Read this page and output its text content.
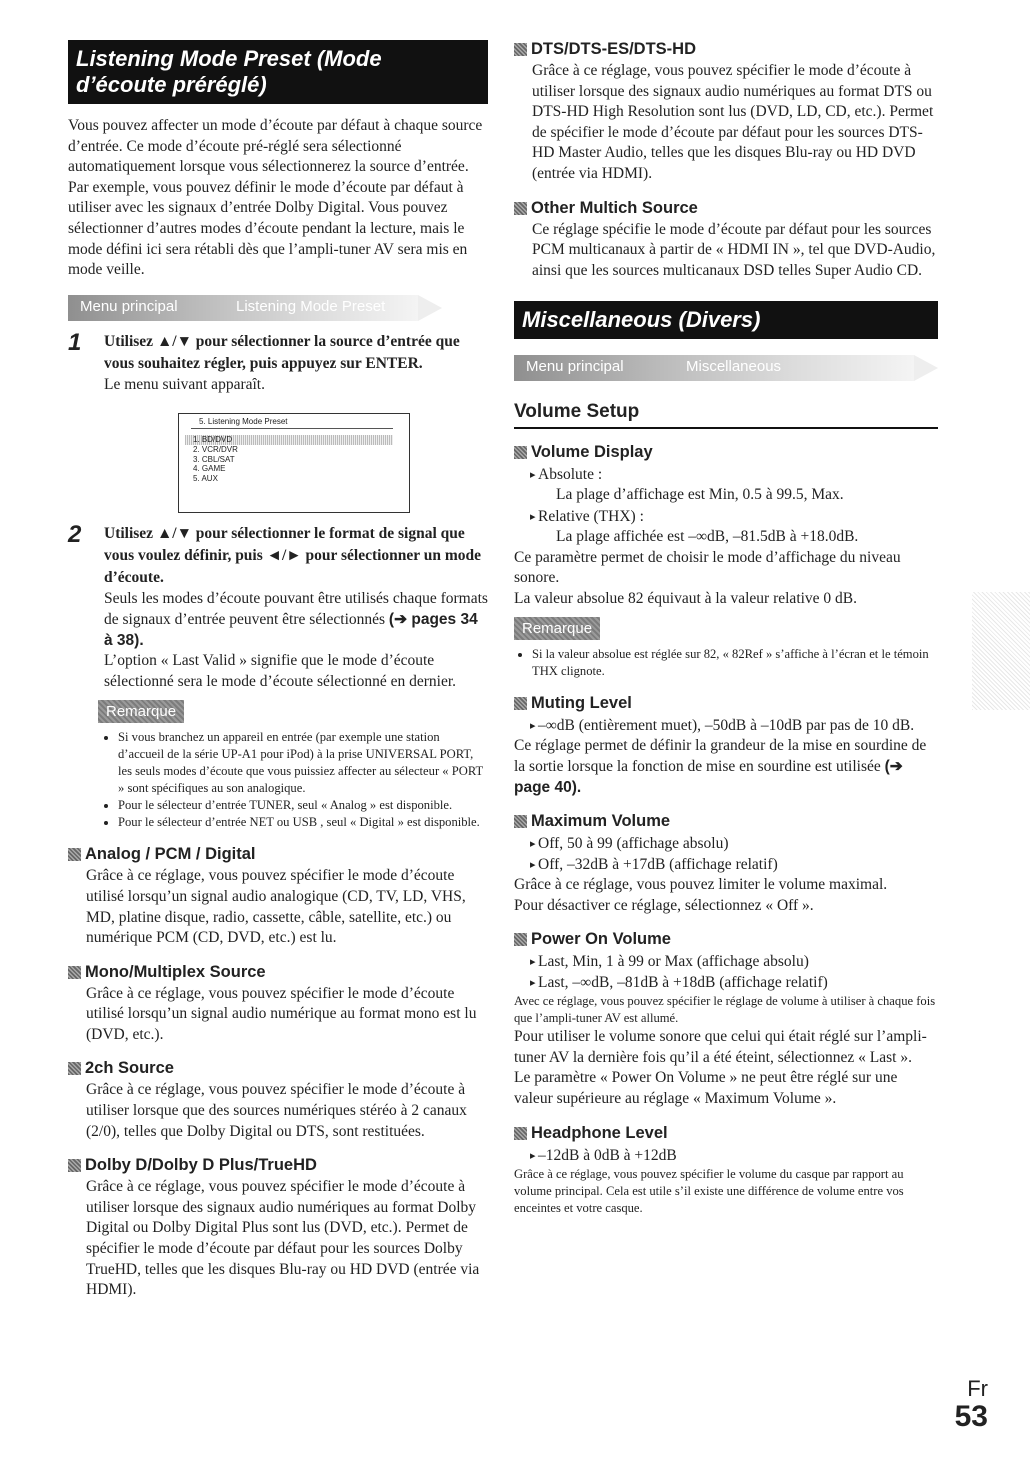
Listening Mode Preset (Mode d’écoute préréglé)

Vous pouvez affecter un mode d’écoute par défaut à chaque source d’entrée. Ce mode d’écoute pré-réglé sera sélectionné automatiquement lorsque vous sélectionnerez la source d’entrée. Par exemple, vous pouvez définir le mode d’écoute par défaut à utiliser avec les signaux d’entrée Dolby Digital. Vous pouvez sélectionner d’autres modes d’écoute pendant la lecture, mais le mode défini ici sera rétabli dès que l’ampli-tuner AV sera mis en mode veille.

Menu principal	Listening Mode Preset
1 Utilisez ▲/▼ pour sélectionner la source d’entrée que vous souhaitez régler, puis appuyez sur ENTER.

Le menu suivant apparaît.

5. Listening Mode Preset
1. BD/DVD
2. VCR/DVR
3. CBL/SAT
4. GAME
5. AUX
2 Utilisez ▲/▼ pour sélectionner le format de signal que vous voulez définir, puis ◄/► pour sélectionner un mode d’écoute.

Seuls les modes d’écoute pouvant être utilisés chaque formats de signaux d’entrée peuvent être sélectionnés (➔ pages 34 à 38).

L’option « Last Valid » signifie que le mode d’écoute sélectionné sera le mode d’écoute sélectionné en dernier.

Remarque
• Si vous branchez un appareil en entrée (par exemple une station d’accueil de la série UP-A1 pour iPod) à la prise UNIVERSAL PORT, les seuls modes d’écoute que vous puissiez affecter au sélecteur « PORT » sont spécifiques au son analogique.
• Pour le sélecteur d’entrée TUNER, seul « Analog » est disponible.
• Pour le sélecteur d’entrée NET ou USB , seul « Digital » est disponible.
Analog / PCM / Digital

Grâce à ce réglage, vous pouvez spécifier le mode d’écoute utilisé lorsqu’un signal audio analogique (CD, TV, LD, VHS, MD, platine disque, radio, cassette, câble, satellite, etc.) ou numérique PCM (CD, DVD, etc.) est lu.

Mono/Multiplex Source

Grâce à ce réglage, vous pouvez spécifier le mode d’écoute utilisé lorsqu’un signal audio numérique au format mono est lu (DVD, etc.).

2ch Source

Grâce à ce réglage, vous pouvez spécifier le mode d’écoute à utiliser lorsque que des sources numériques stéréo à 2 canaux (2/0), telles que Dolby Digital ou DTS, sont restituées.

Dolby D/Dolby D Plus/TrueHD

Grâce à ce réglage, vous pouvez spécifier le mode d’écoute à utiliser lorsque des signaux audio numériques au format Dolby Digital ou Dolby Digital Plus sont lus (DVD, etc.). Permet de spécifier le mode d’écoute par défaut pour les sources Dolby TrueHD, telles que les disques Blu-ray ou HD DVD (entrée via HDMI).

DTS/DTS-ES/DTS-HD

Grâce à ce réglage, vous pouvez spécifier le mode d’écoute à utiliser lorsque des signaux audio numériques au format DTS ou DTS-HD High Resolution sont lus (DVD, LD, CD, etc.). Permet de spécifier le mode d’écoute par défaut pour les sources DTS-HD Master Audio, telles que les disques Blu-ray ou HD DVD (entrée via HDMI).

Other Multich Source

Ce réglage spécifie le mode d’écoute par défaut pour les sources PCM multicanaux à partir de « HDMI IN », tel que DVD-Audio, ainsi que les sources multicanaux DSD telles Super Audio CD.

Miscellaneous (Divers)
Menu principal	Miscellaneous
Volume Setup
Volume Display
▸ Absolute :

La plage d’affichage est Min, 0.5 à 99.5, Max.

▸ Relative (THX) :

La plage affichée est –∞dB, –81.5dB à +18.0dB.

Ce paramètre permet de choisir le mode d’affichage du niveau sonore.

La valeur absolue 82 équivaut à la valeur relative 0 dB.

Remarque
• Si la valeur absolue est réglée sur 82, « 82Ref » s’affiche à l’écran et le témoin THX clignote.
Muting Level
▸ –∞dB (entièrement muet), –50dB à –10dB par pas de 10 dB.

Ce réglage permet de définir la grandeur de la mise en sourdine de la sortie lorsque la fonction de mise en sourdine est utilisée (➔ page 40).

Maximum Volume
▸ Off, 50 à 99 (affichage absolu)
▸ Off, –32dB à +17dB (affichage relatif)

Grâce à ce réglage, vous pouvez limiter le volume maximal.

Pour désactiver ce réglage, sélectionnez « Off ».

Power On Volume
▸ Last, Min, 1 à 99 or Max (affichage absolu)
▸ Last, –∞dB, –81dB à +18dB (affichage relatif)

Avec ce réglage, vous pouvez spécifier le réglage de volume à utiliser à chaque fois que l’ampli-tuner AV est allumé.

Pour utiliser le volume sonore que celui qui était réglé sur l’ampli-tuner AV la dernière fois qu’il a été éteint, sélectionnez « Last ».

Le paramètre « Power On Volume » ne peut être réglé sur une valeur supérieure au réglage « Maximum Volume ».

Headphone Level
▸ –12dB à 0dB à +12dB

Grâce à ce réglage, vous pouvez spécifier le volume du casque par rapport au volume principal. Cela est utile s’il existe une différence de volume entre vos enceintes et votre casque.

Fr
53
